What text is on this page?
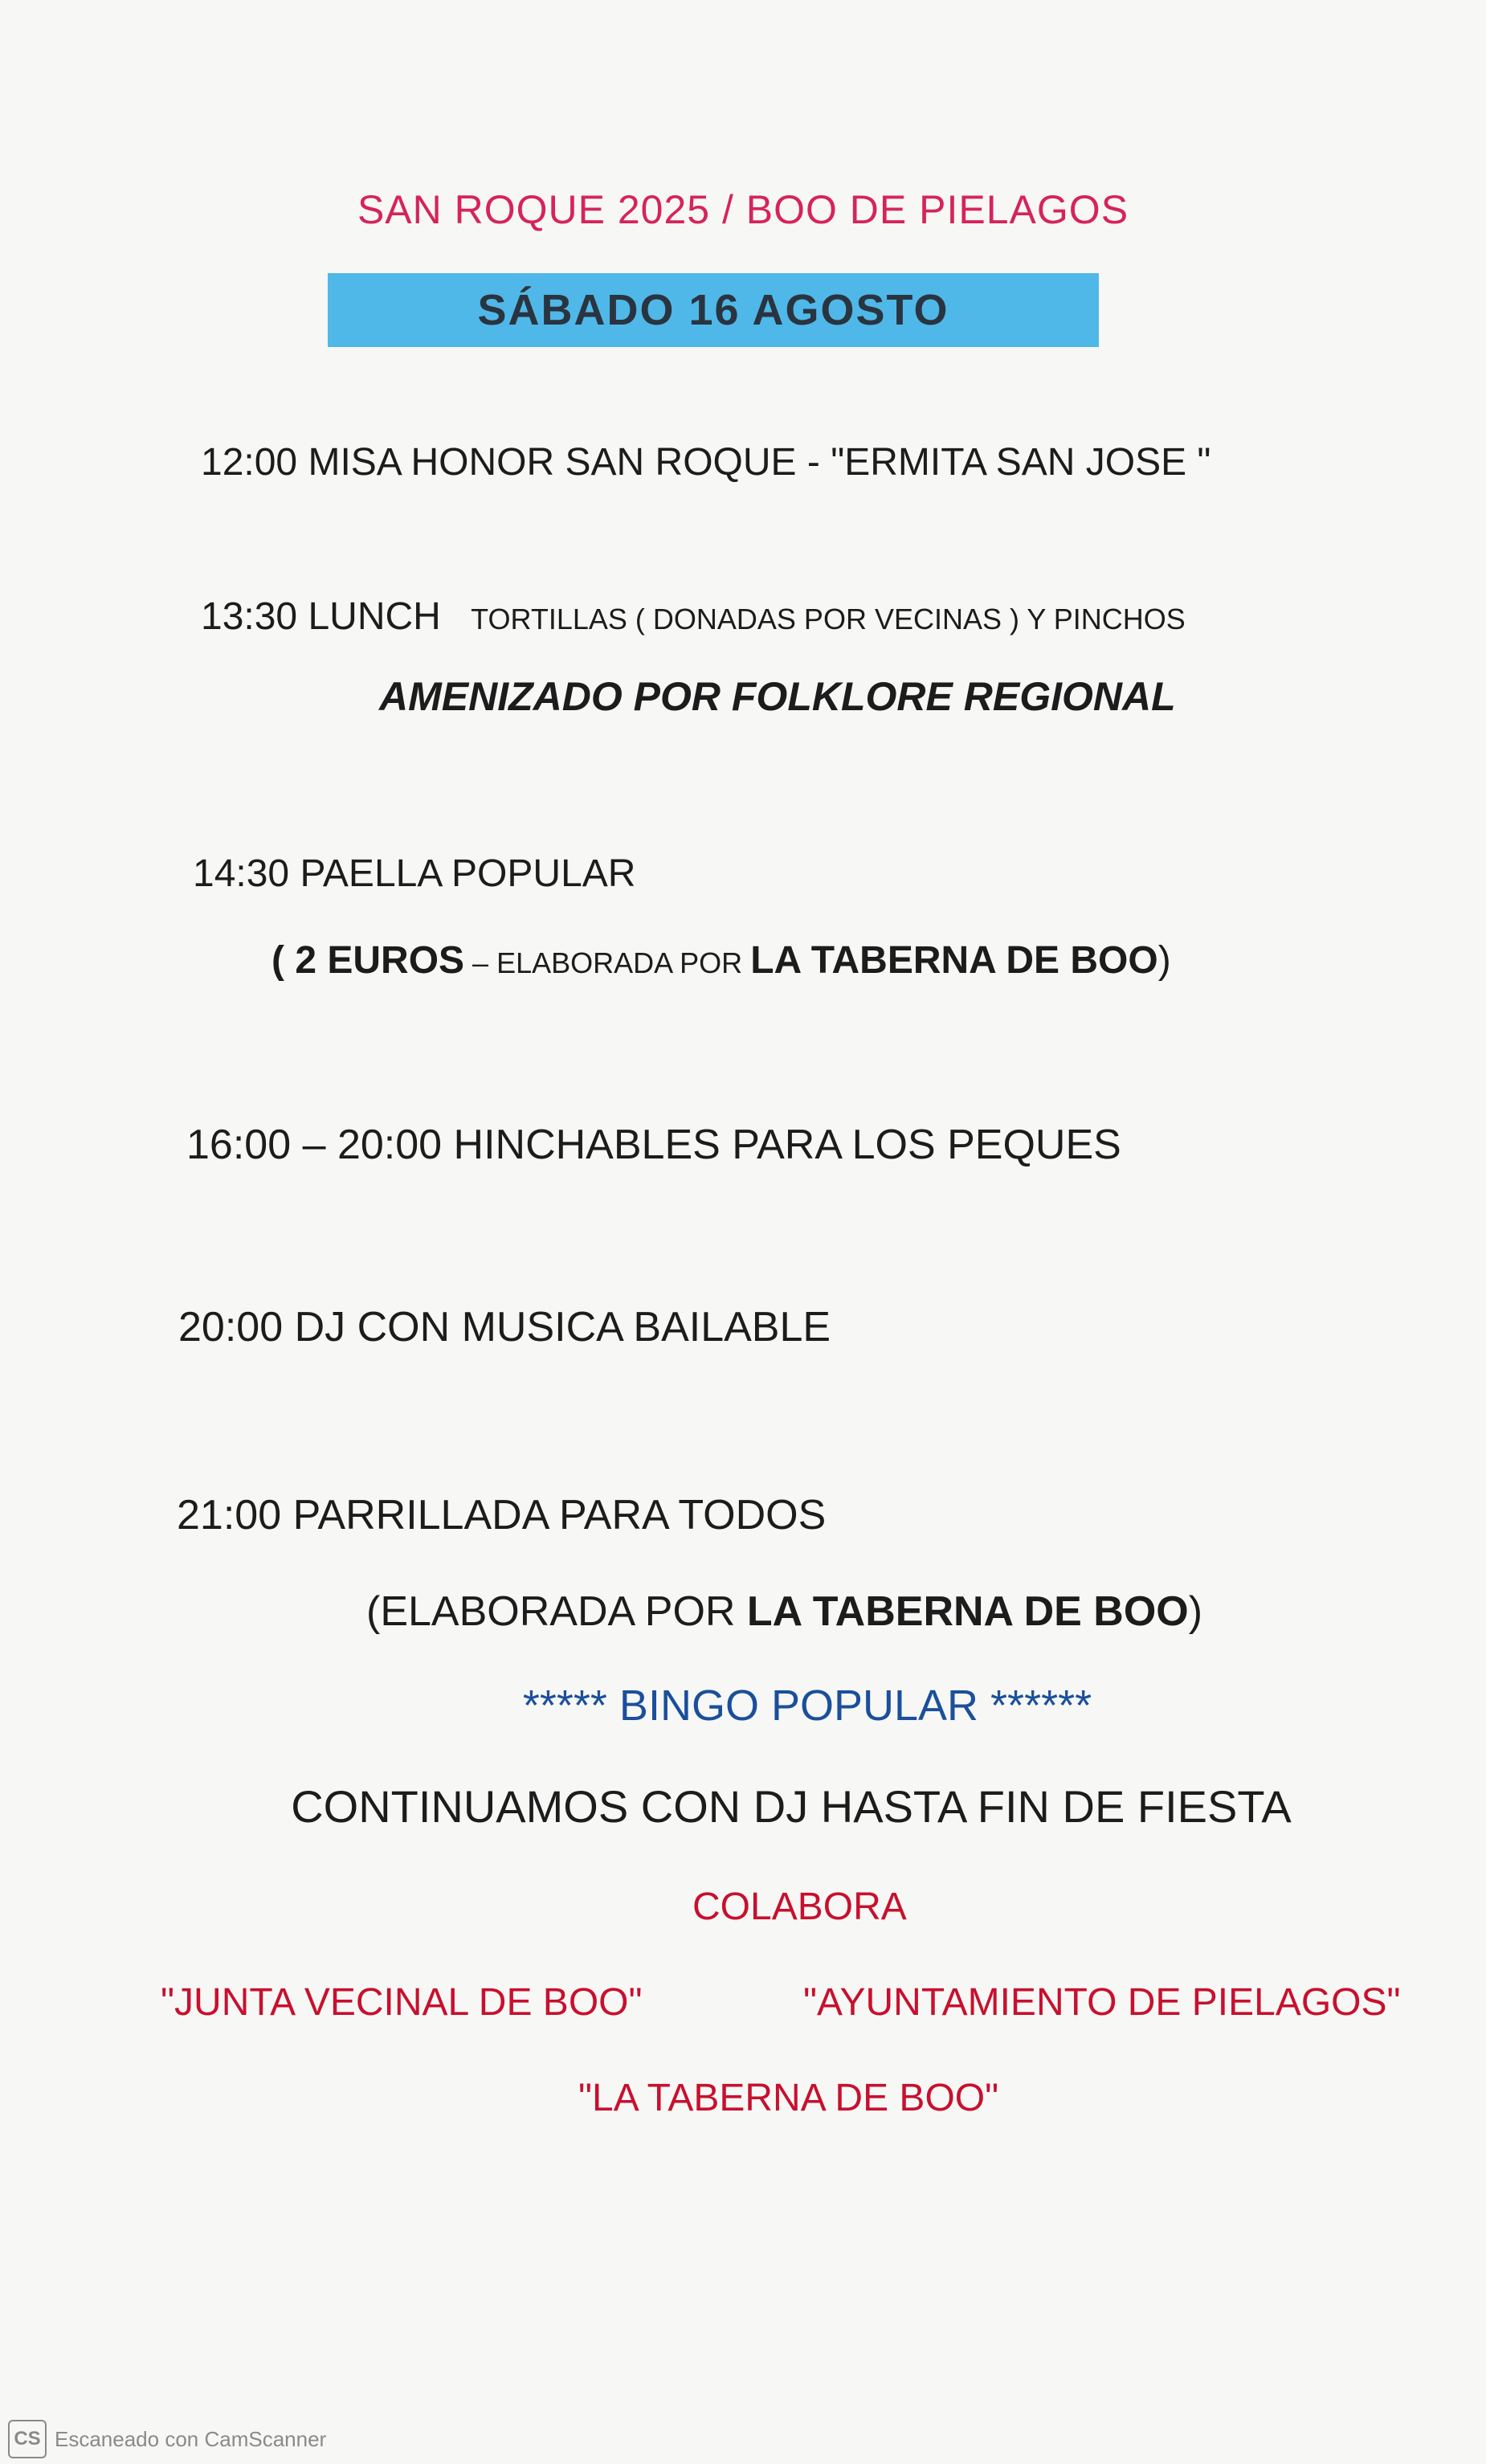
SAN ROQUE 2025 / BOO DE PIELAGOS
SÁBADO 16 AGOSTO
12:00 MISA HONOR SAN ROQUE - "ERMITA SAN JOSE "
13:30 LUNCH TORTILLAS ( DONADAS POR VECINAS ) Y PINCHOS
AMENIZADO POR FOLKLORE REGIONAL
14:30 PAELLA POPULAR
( 2 EUROS – ELABORADA POR LA TABERNA DE BOO)
16:00 – 20:00 HINCHABLES PARA LOS PEQUES
20:00 DJ CON MUSICA BAILABLE
21:00 PARRILLADA PARA TODOS
(ELABORADA POR LA TABERNA DE BOO)
***** BINGO POPULAR ******
CONTINUAMOS CON DJ HASTA FIN DE FIESTA
COLABORA
"JUNTA VECINAL DE BOO"	"AYUNTAMIENTO DE PIELAGOS"
"LA TABERNA DE BOO"
CS Escaneado con CamScanner
